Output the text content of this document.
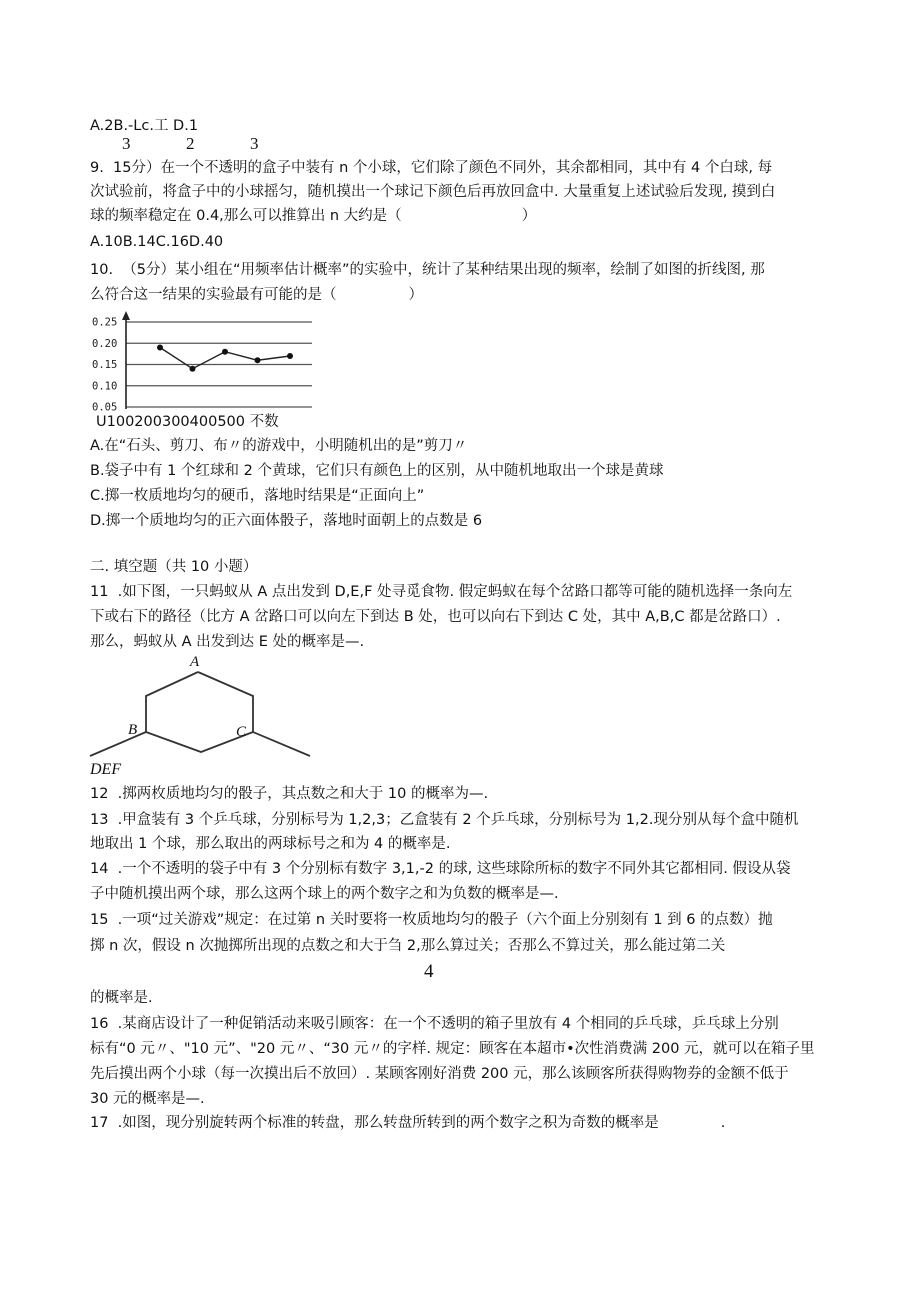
A.2B.-Lc.工 D.1
3	2	3
9.  15分）在一个不透明的盒子中装有 n 个小球，它们除了颜色不同外，其余都相同，其中有 4 个白球, 每
次试验前，将盒子中的小球摇匀，随机摸出一个球记下颜色后再放回盒中. 大量重复上述试验后发现, 摸到白
球的频率稳定在 0.4,那么可以推算出 n 大约是（	）
A.10B.14C.16D.40
10.  （5分）某小组在“用频率估计概率”的实验中，统计了某种结果出现的频率，绘制了如图的折线图, 那
么符合这一结果的实验最有可能的是（	）
0.25
0.20
0.15
0.10
0.05
U100200300400500 不数
A.在“石头、剪刀、布〃的游戏中，小明随机出的是”剪刀〃
B.袋子中有 1 个红球和 2 个黄球，它们只有颜色上的区别，从中随机地取出一个球是黄球
C.掷一枚质地均匀的硬币，落地时结果是“正面向上”
D.掷一个质地均匀的正六面体骰子，落地时面朝上的点数是 6
二. 填空题（共 10 小题）
11  .如下图，一只蚂蚁从 A 点出发到 D,E,F 处寻觅食物. 假定蚂蚁在每个岔路口都等可能的随机选择一条向左
下或右下的路径（比方 A 岔路口可以向左下到达 B 处，也可以向右下到达 C 处，其中 A,B,C 都是岔路口）.
那么，蚂蚁从 A 出发到达 E 处的概率是—.
A
B	C
DEF
12  .掷两枚质地均匀的骰子，其点数之和大于 10 的概率为—.
13  .甲盒装有 3 个乒乓球，分别标号为 1,2,3；乙盒装有 2 个乒乓球，分别标号为 1,2.现分别从每个盒中随机
地取出 1 个球，那么取出的两球标号之和为 4 的概率是.
14  .一个不透明的袋子中有 3 个分别标有数字 3,1,-2 的球, 这些球除所标的数字不同外其它都相同. 假设从袋
子中随机摸出两个球，那么这两个球上的两个数字之和为负数的概率是—.
15  .一项“过关游戏”规定：在过第 n 关时要将一枚质地均匀的骰子（六个面上分别刻有 1 到 6 的点数）抛
掷 n 次，假设 n 次抛掷所出现的点数之和大于刍 2,那么算过关；否那么不算过关，那么能过第二关
4
的概率是.
16  .某商店设计了一种促销活动来吸引顾客：在一个不透明的箱子里放有 4 个相同的乒乓球，乒乓球上分别
标有“0 元〃、"10 元”、"20 元〃、“30 元〃的字样. 规定：顾客在本超市•次性消费满 200 元，就可以在箱子里
先后摸出两个小球（每一次摸出后不放回）. 某顾客刚好消费 200 元，那么该顾客所获得购物券的金额不低于
30 元的概率是—.
17  .如图，现分别旋转两个标准的转盘，那么转盘所转到的两个数字之积为奇数的概率是	.
